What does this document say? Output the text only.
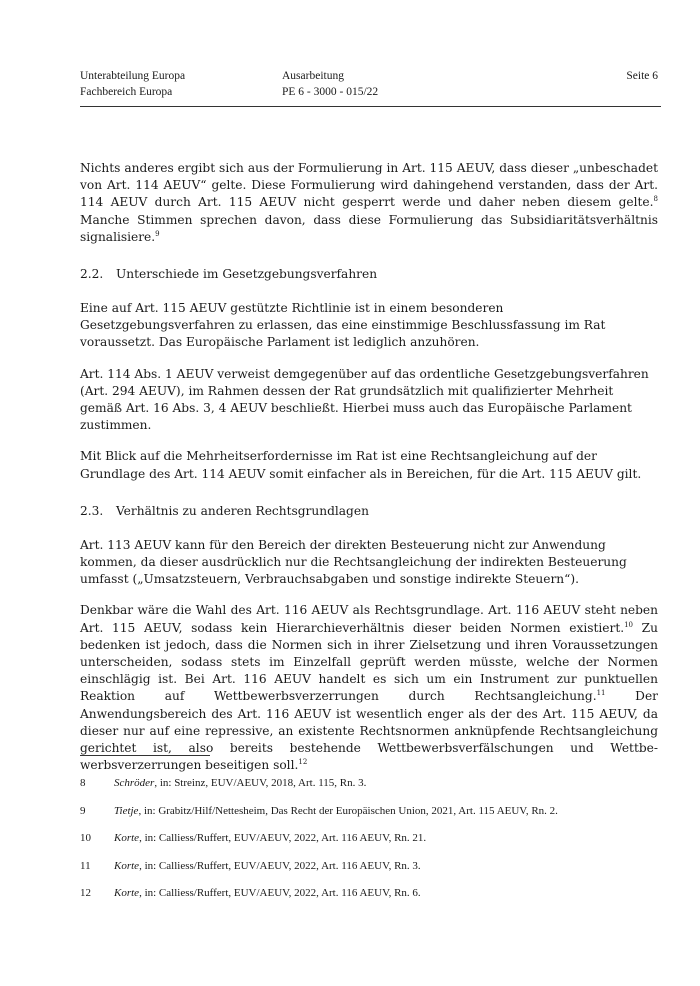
Unterabteilung Europa
Fachbereich Europa
Ausarbeitung
PE 6 - 3000 - 015/22
Seite 6

Nichts anderes ergibt sich aus der Formulierung in Art. 115 AEUV, dass dieser „unbeschadet von Art. 114 AEUV“ gelte. Diese Formulierung wird dahingehend verstanden, dass der Art. 114 AEUV durch Art. 115 AEUV nicht gesperrt werde und daher neben diesem gelte.$^8$ Manche Stimmen sprechen davon, dass diese Formulierung das Subsidiaritätsverhältnis signalisiere.$^9$

2.2. Unterschiede im Gesetzgebungsverfahren

Eine auf Art. 115 AEUV gestützte Richtlinie ist in einem besonderen Gesetzgebungsverfahren zu erlassen, das eine einstimmige Beschlussfassung im Rat voraussetzt. Das Europäische Parlament ist lediglich anzuhören.

Art. 114 Abs. 1 AEUV verweist demgegenüber auf das ordentliche Gesetzgebungsverfahren (Art. 294 AEUV), im Rahmen dessen der Rat grundsätzlich mit qualifizierter Mehrheit gemäß Art. 16 Abs. 3, 4 AEUV beschließt. Hierbei muss auch das Europäische Parlament zustimmen.

Mit Blick auf die Mehrheitserfordernisse im Rat ist eine Rechtsangleichung auf der Grundlage des Art. 114 AEUV somit einfacher als in Bereichen, für die Art. 115 AEUV gilt.

2.3. Verhältnis zu anderen Rechtsgrundlagen

Art. 113 AEUV kann für den Bereich der direkten Besteuerung nicht zur Anwendung kommen, da dieser ausdrücklich nur die Rechtsangleichung der indirekten Besteuerung umfasst („Umsatzsteuern, Verbrauchsabgaben und sonstige indirekte Steuern“).

Denkbar wäre die Wahl des Art. 116 AEUV als Rechtsgrundlage. Art. 116 AEUV steht neben Art. 115 AEUV, sodass kein Hierarchieverhältnis dieser beiden Normen existiert.$^{10}$ Zu bedenken ist jedoch, dass die Normen sich in ihrer Zielsetzung und ihren Voraussetzungen unterscheiden, sodass stets im Einzelfall geprüft werden müsste, welche der Normen einschlägig ist. Bei Art. 116 AEUV handelt es sich um ein Instrument zur punktuellen Reaktion auf Wettbewerbsverzerrungen durch Rechtsangleichung.$^{11}$ Der Anwendungsbereich des Art. 116 AEUV ist wesentlich enger als der des Art. 115 AEUV, da dieser nur auf eine repressive, an existente Rechtsnormen anknüpfende Rechtsangleichung gerichtet ist, also bereits bestehende Wettbewerbsverfälschungen und Wettbewerbsverzerrungen beseitigen soll.$^{12}$

8	Schröder, in: Streinz, EUV/AEUV, 2018, Art. 115, Rn. 3.
9	Tietje, in: Grabitz/Hilf/Nettesheim, Das Recht der Europäischen Union, 2021, Art. 115 AEUV, Rn. 2.
10	Korte, in: Calliess/Ruffert, EUV/AEUV, 2022, Art. 116 AEUV, Rn. 21.
11	Korte, in: Calliess/Ruffert, EUV/AEUV, 2022, Art. 116 AEUV, Rn. 3.
12	Korte, in: Calliess/Ruffert, EUV/AEUV, 2022, Art. 116 AEUV, Rn. 6.
